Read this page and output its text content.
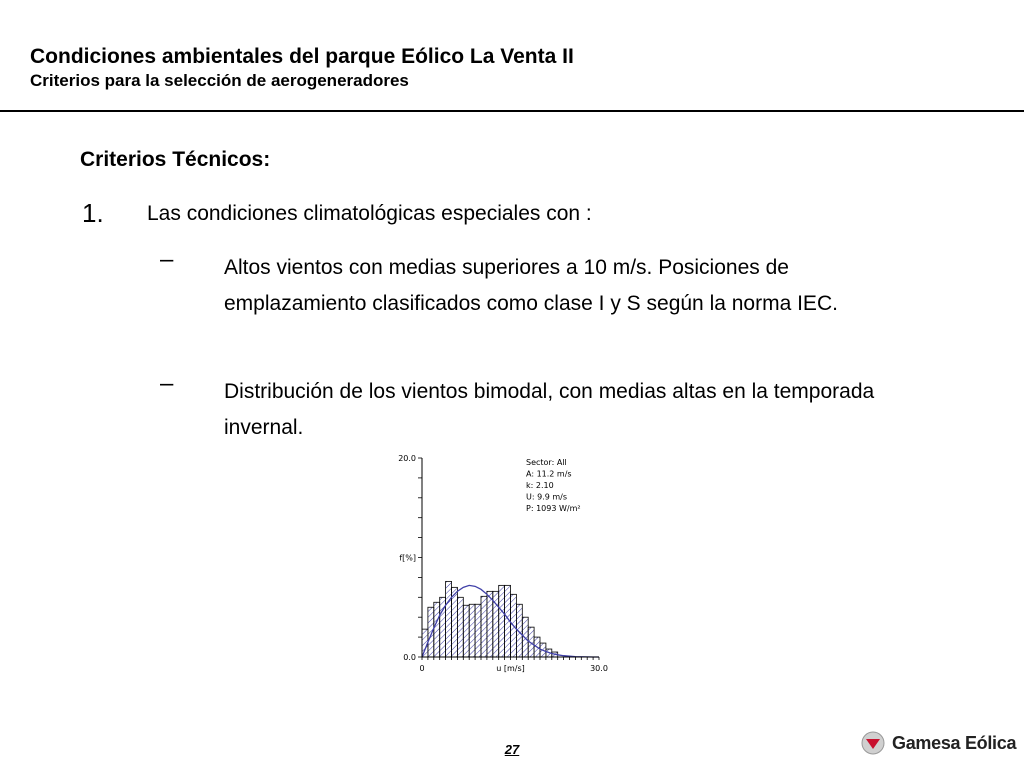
Condiciones ambientales del parque Eólico La Venta II
Criterios para la selección de aerogeneradores
Criterios Técnicos:
1. Las condiciones climatológicas especiales con :
– Altos vientos con medias superiores a 10 m/s. Posiciones de emplazamiento clasificados como clase I y S según la norma IEC.
– Distribución de los vientos bimodal, con medias altas en la temporada invernal.
20.0
0.0
f[%]
0	30.0
u [m/s]
Sector: All
A: 11.2 m/s
k: 2.10
U: 9.9 m/s
P: 1093 W/m²
27	Gamesa Eólica
